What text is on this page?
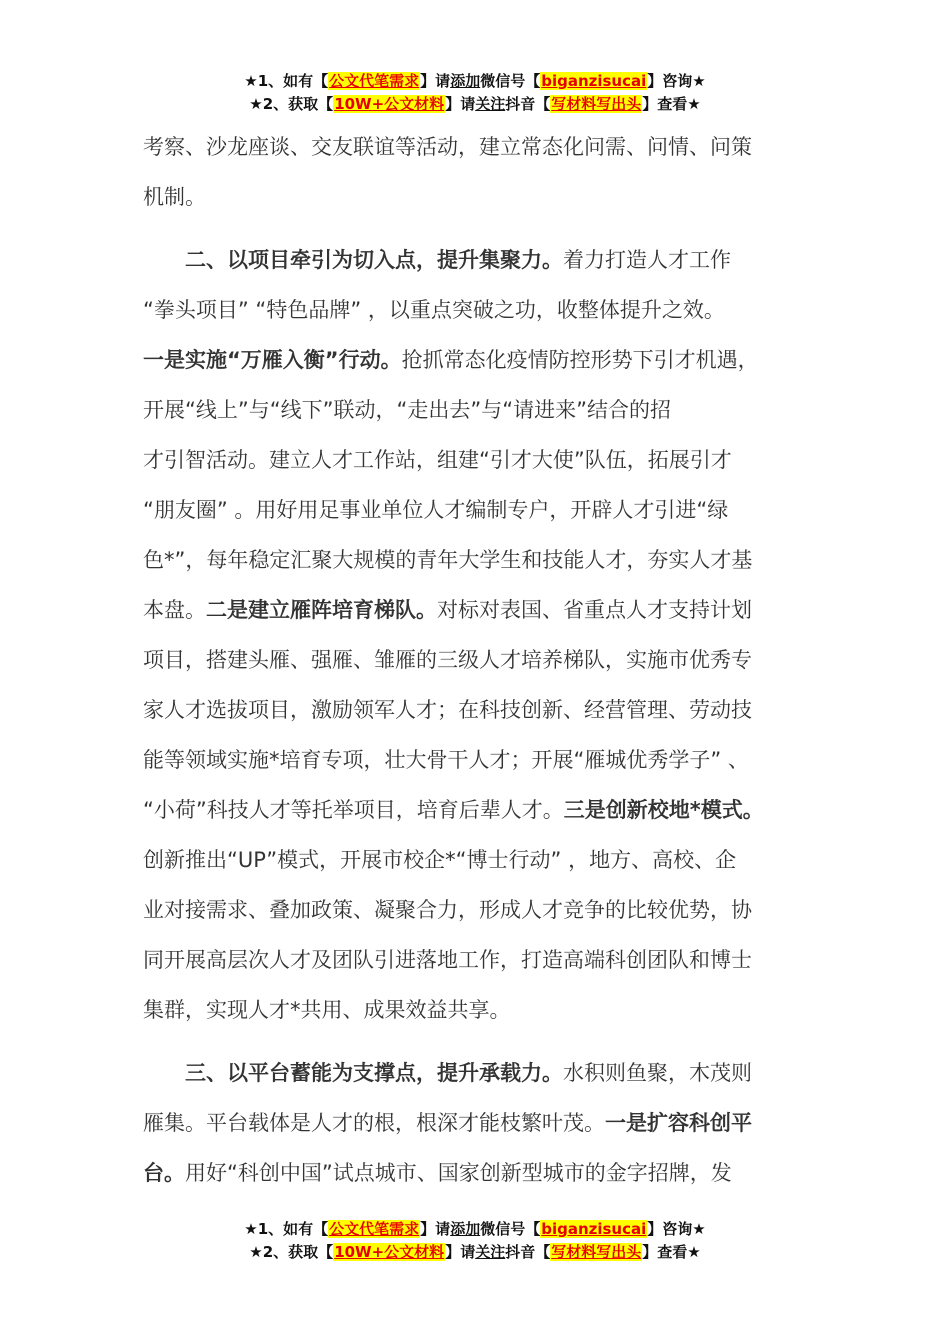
★1、如有【公文代笔需求】请添加微信号【biganzisucai】咨询★
★2、获取【10W+公文材料】请关注抖音【写材料写出头】查看★
考察、沙龙座谈、交友联谊等活动，建立常态化问需、问情、问策
机制。
二、以项目牵引为切入点，提升集聚力。着力打造人才工作
“拳头项目” “特色品牌” ，以重点突破之功，收整体提升之效。
一是实施“万雁入衡”行动。抢抓常态化疫情防控形势下引才机遇，
开展“线上”与“线下”联动，“走出去”与“请进来”结合的招
才引智活动。建立人才工作站，组建“引才大使”队伍，拓展引才
“朋友圈” 。用好用足事业单位人才编制专户，开辟人才引进“绿
色*”，每年稳定汇聚大规模的青年大学生和技能人才，夯实人才基
本盘。二是建立雁阵培育梯队。对标对表国、省重点人才支持计划
项目，搭建头雁、强雁、雏雁的三级人才培养梯队，实施市优秀专
家人才选拔项目，激励领军人才；在科技创新、经营管理、劳动技
能等领域实施*培育专项，壮大骨干人才；开展“雁城优秀学子” 、
“小荷”科技人才等托举项目，培育后辈人才。三是创新校地*模式。
创新推出“UP”模式，开展市校企*“博士行动” ，地方、高校、企
业对接需求、叠加政策、凝聚合力，形成人才竞争的比较优势，协
同开展高层次人才及团队引进落地工作，打造高端科创团队和博士
集群，实现人才*共用、成果效益共享。
三、以平台蓄能为支撑点，提升承载力。水积则鱼聚，木茂则
雁集。平台载体是人才的根，根深才能枝繁叶茂。一是扩容科创平
台。用好“科创中国”试点城市、国家创新型城市的金字招牌，发
★1、如有【公文代笔需求】请添加微信号【biganzisucai】咨询★
★2、获取【10W+公文材料】请关注抖音【写材料写出头】查看★
